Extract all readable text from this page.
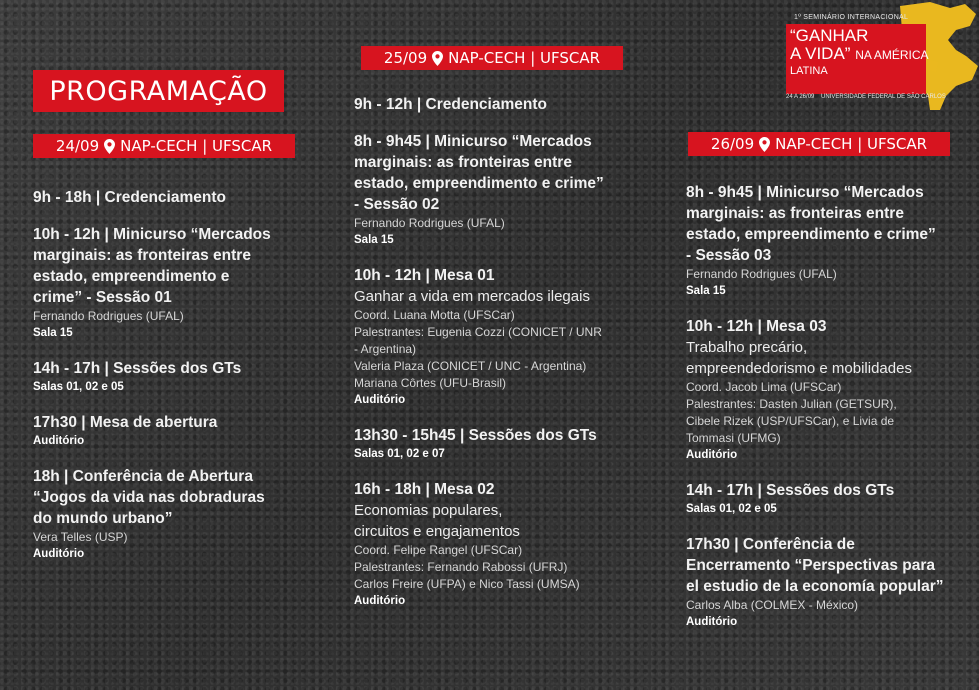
PROGRAMAÇÃO
1º SEMINÁRIO INTERNACIONAL
“GANHAR
A VIDA” NA AMÉRICA
LATINA
24 A 26/09 UNIVERSIDADE FEDERAL DE SÃO CARLOS
24/09 NAP-CECH | UFSCAR
25/09 NAP-CECH | UFSCAR
26/09 NAP-CECH | UFSCAR
9h - 18h | Credenciamento
10h - 12h | Minicurso “Mercados
marginais: as fronteiras entre
estado, empreendimento e
crime” - Sessão 01
Fernando Rodrigues (UFAL)
Sala 15
14h - 17h | Sessões dos GTs
Salas 01, 02 e 05
17h30 | Mesa de abertura
Auditório
18h | Conferência de Abertura
“Jogos da vida nas dobraduras
do mundo urbano”
Vera Telles (USP)
Auditório
9h - 12h | Credenciamento
8h - 9h45 | Minicurso “Mercados
marginais: as fronteiras entre
estado, empreendimento e crime”
- Sessão 02
Fernando Rodrigues (UFAL)
Sala 15
10h - 12h | Mesa 01
Ganhar a vida em mercados ilegais
Coord. Luana Motta (UFSCar)
Palestrantes: Eugenia Cozzi (CONICET / UNR
- Argentina)
Valeria Plaza (CONICET / UNC - Argentina)
Mariana Côrtes (UFU-Brasil)
Auditório
13h30 - 15h45 | Sessões dos GTs
Salas 01, 02 e 07
16h - 18h | Mesa 02
Economias populares,
circuitos e engajamentos
Coord. Felipe Rangel (UFSCar)
Palestrantes: Fernando Rabossi (UFRJ)
Carlos Freire (UFPA) e Nico Tassi (UMSA)
Auditório
8h - 9h45 | Minicurso “Mercados
marginais: as fronteiras entre
estado, empreendimento e crime”
- Sessão 03
Fernando Rodrigues (UFAL)
Sala 15
10h - 12h | Mesa 03
Trabalho precário,
empreendedorismo e mobilidades
Coord. Jacob Lima (UFSCar)
Palestrantes: Dasten Julian (GETSUR),
Cibele Rizek (USP/UFSCar), e Livia de
Tommasi (UFMG)
Auditório
14h - 17h | Sessões dos GTs
Salas 01, 02 e 05
17h30 | Conferência de
Encerramento “Perspectivas para
el estudio de la economía popular”
Carlos Alba (COLMEX - México)
Auditório
